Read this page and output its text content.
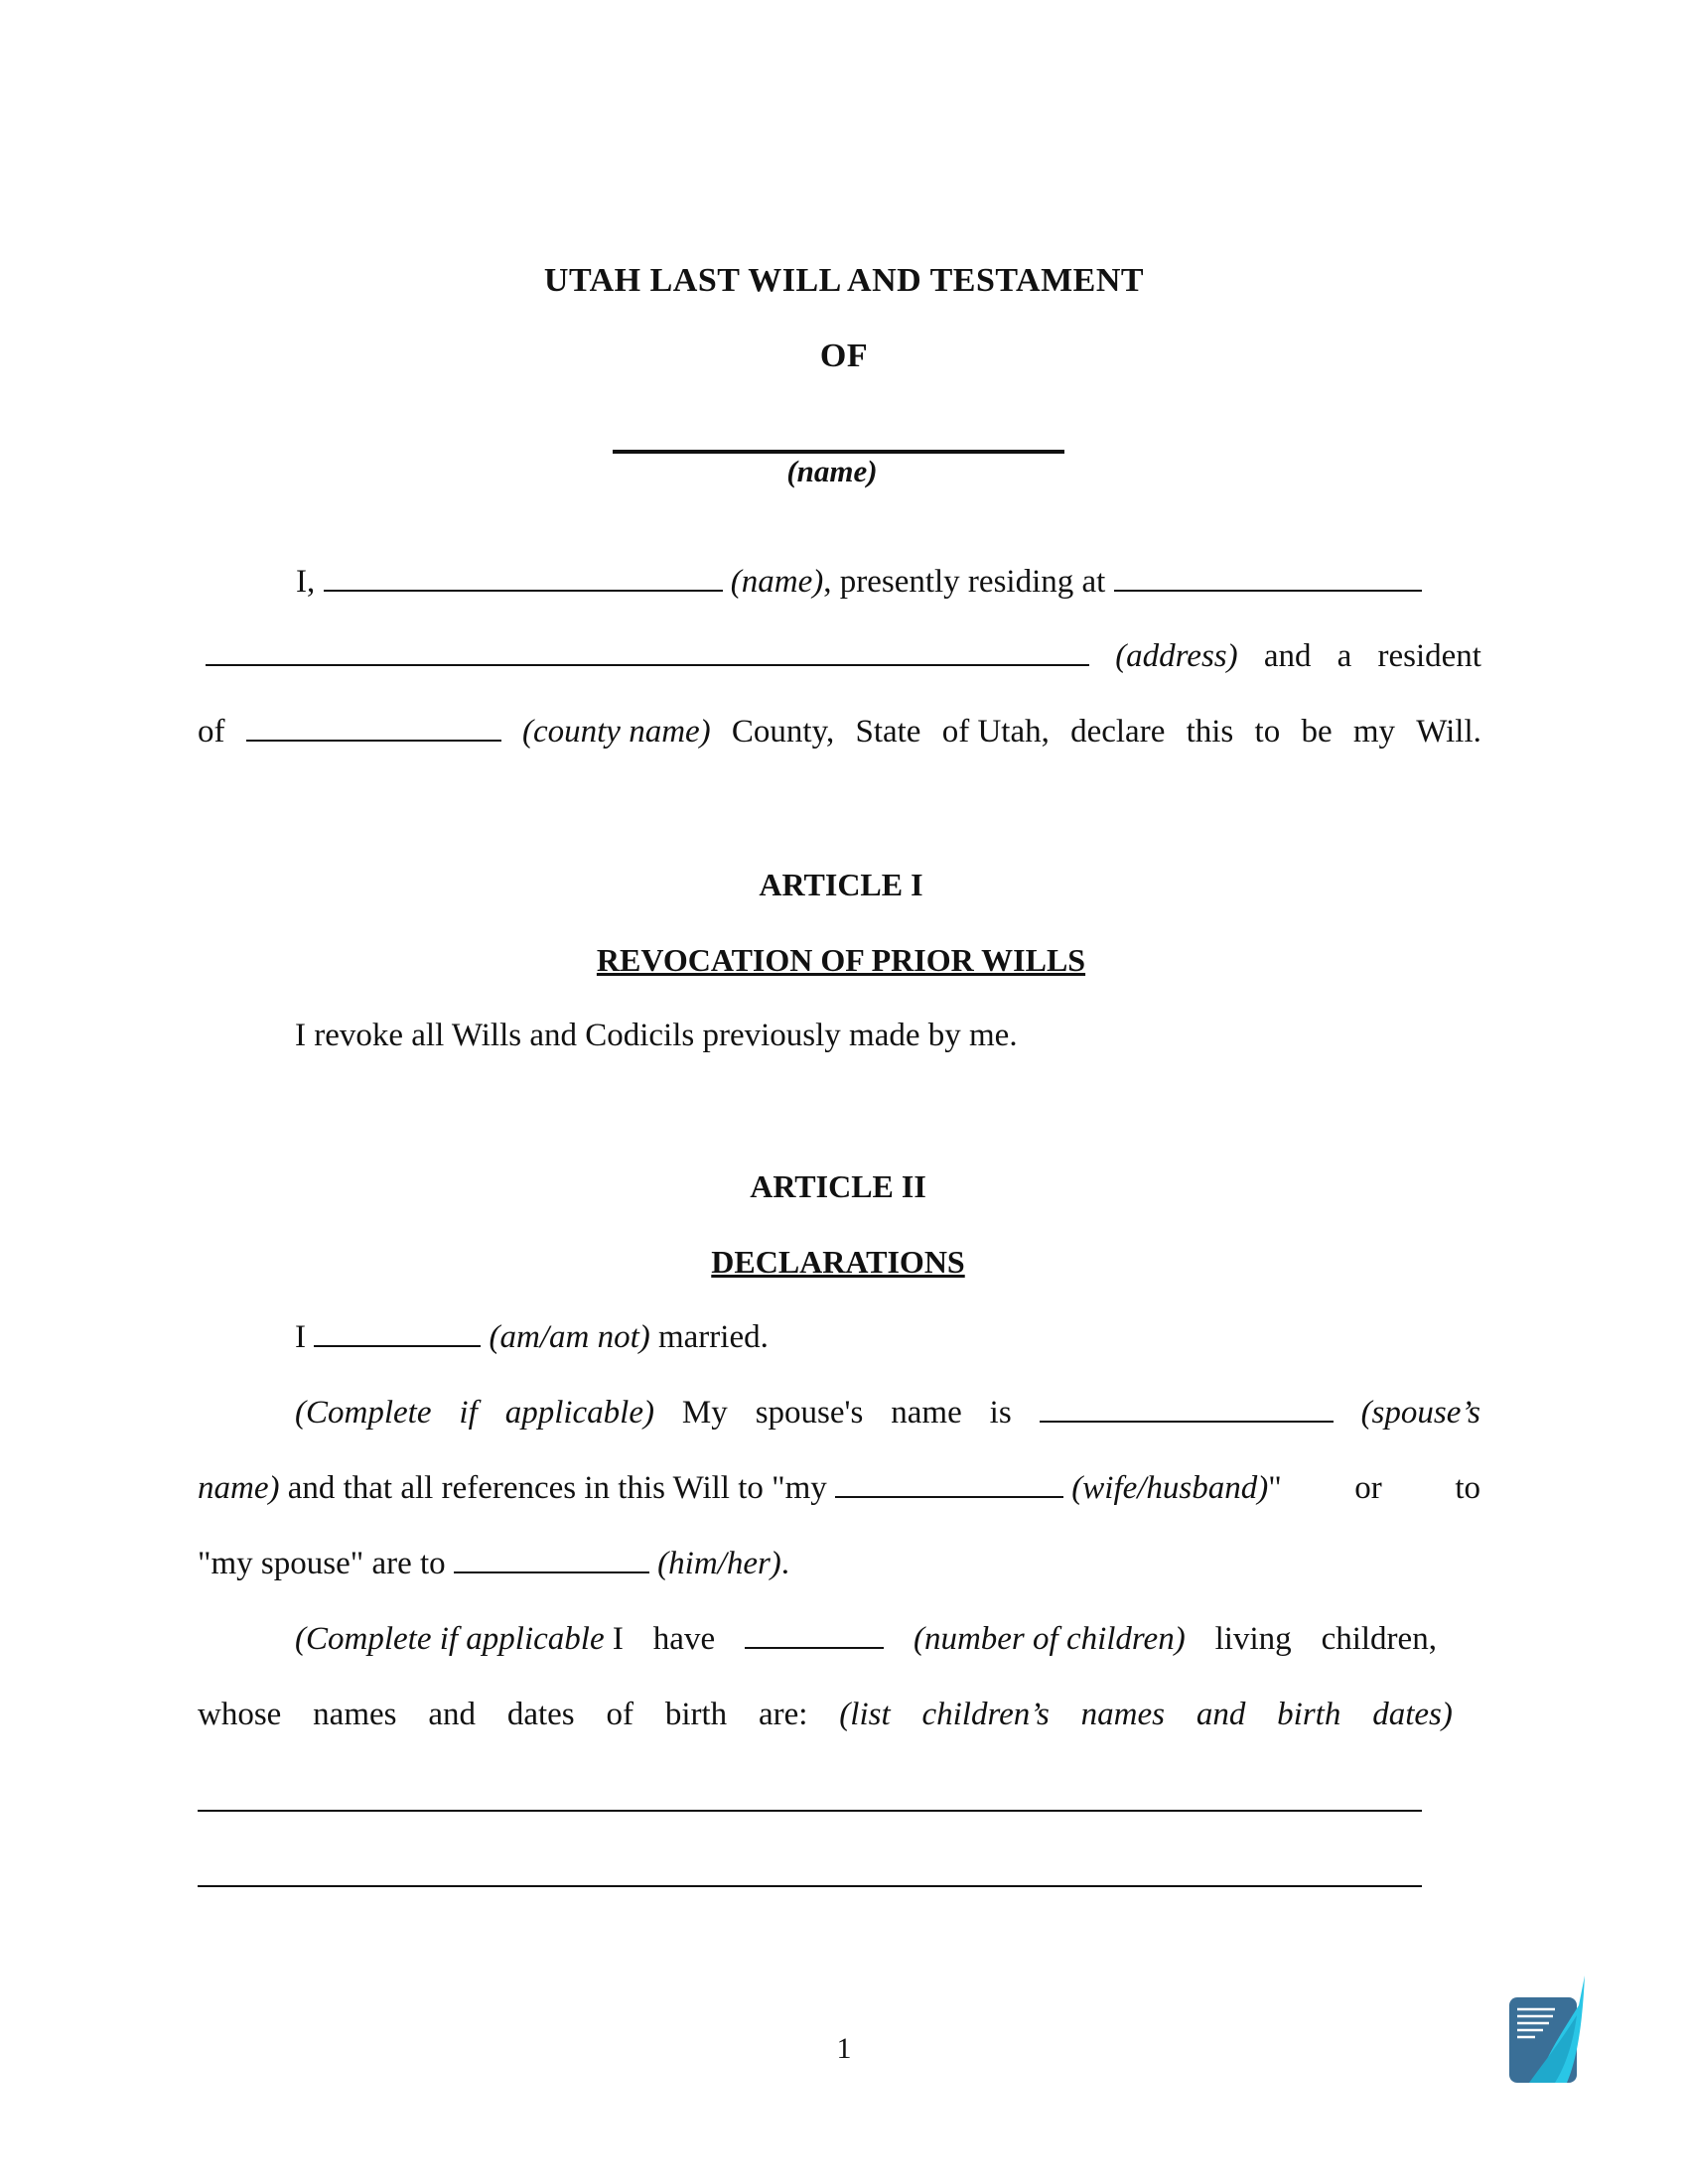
UTAH LAST WILL AND TESTAMENT
OF
(name)
I,	(name), presently residing at
(address) and a resident
of	(county name) County, State of Utah, declare this to be my Will.
ARTICLE I
REVOCATION OF PRIOR WILLS
I revoke all Wills and Codicils previously made by me.
ARTICLE II
DECLARATIONS
I	(am/am not) married.
(Complete if applicable) My spouse's name is	(spouse’s
name) and that all references in this Will to "my	(wife/husband)" or to
"my spouse" are to	(him/her).
(Complete if applicable I have	(number of children) living children,
whose names and dates of birth are: (list children’s names and birth dates)
1
